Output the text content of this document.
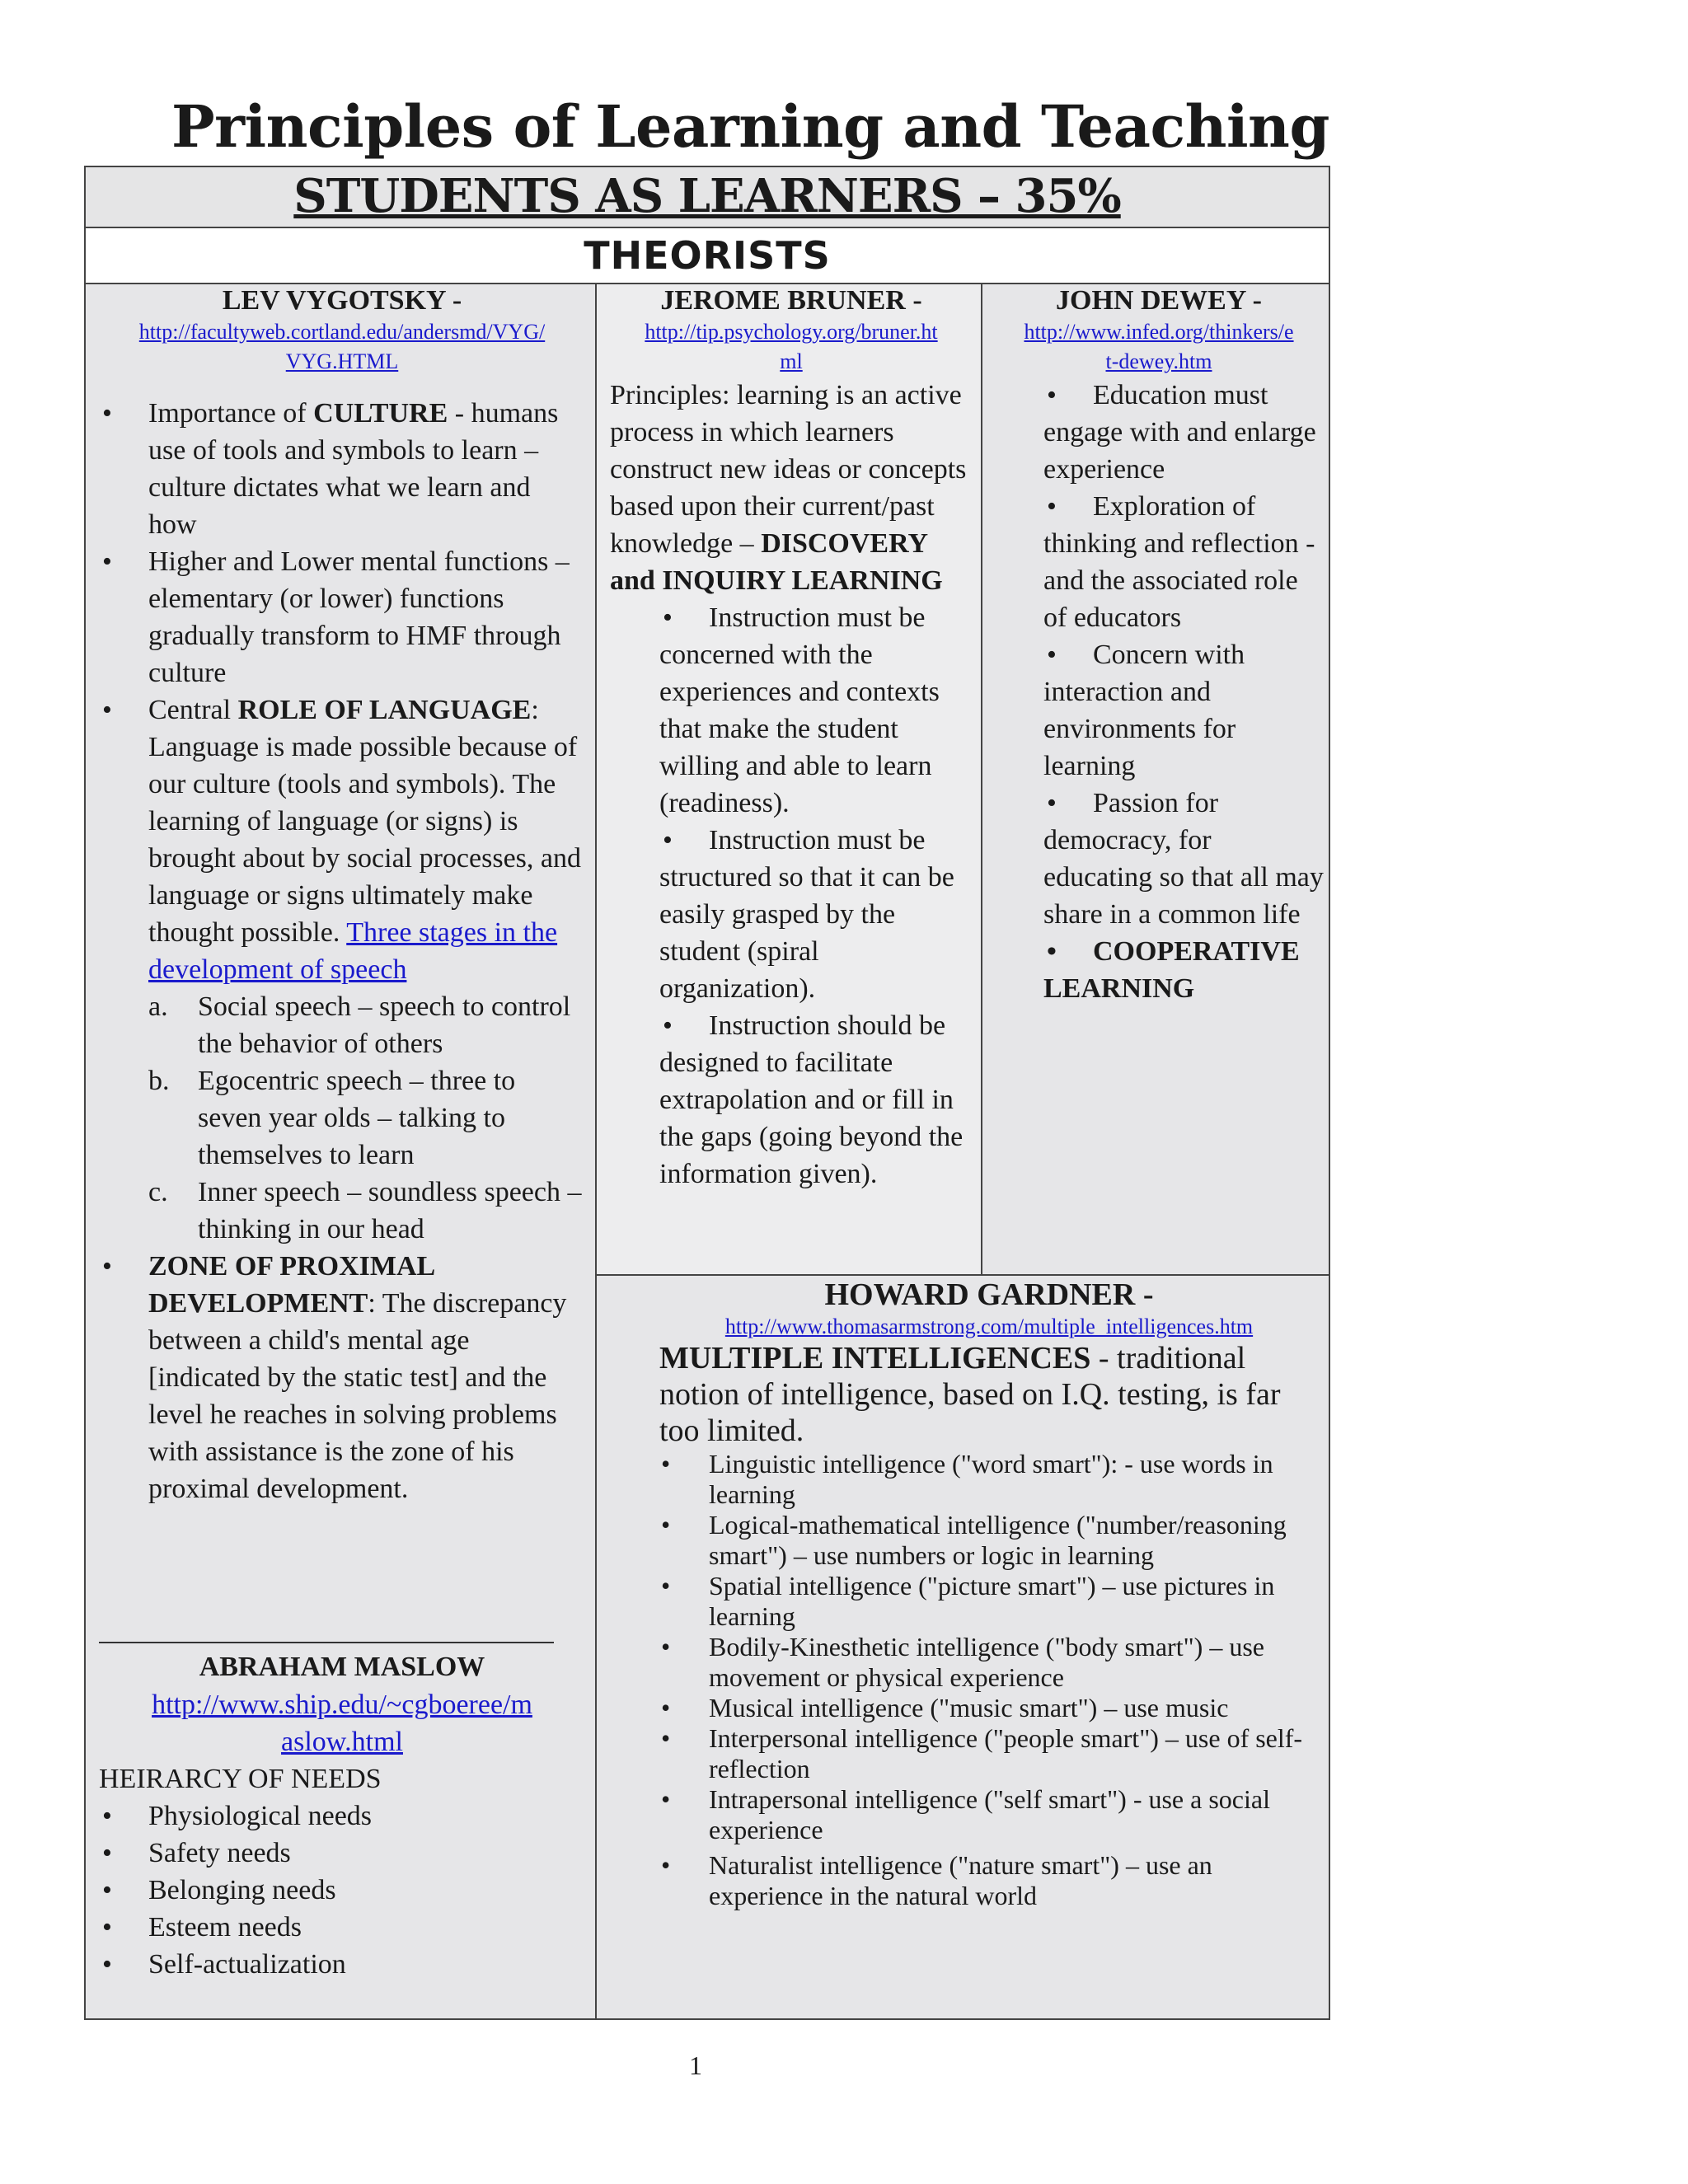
Principles of Learning and Teaching
STUDENTS AS LEARNERS – 35%
THEORISTS
LEV VYGOTSKY -
http://facultyweb.cortland.edu/andersmd/VYG/
VYG.HTML
• Importance of CULTURE - humans use of tools and symbols to learn – culture dictates what we learn and how
• Higher and Lower mental functions – elementary (or lower) functions gradually transform to HMF through culture
• Central ROLE OF LANGUAGE: Language is made possible because of our culture (tools and symbols). The learning of language (or signs) is brought about by social processes, and language or signs ultimately make thought possible. Three stages in the development of speech
a. Social speech – speech to control the behavior of others
b. Egocentric speech – three to seven year olds – talking to themselves to learn
c. Inner speech – soundless speech – thinking in our head
• ZONE OF PROXIMAL DEVELOPMENT: The discrepancy between a child's mental age [indicated by the static test] and the level he reaches in solving problems with assistance is the zone of his proximal development.
ABRAHAM MASLOW
http://www.ship.edu/~cgboeree/m
aslow.html
HEIRARCY OF NEEDS
• Physiological needs
• Safety needs
• Belonging needs
• Esteem needs
• Self-actualization
JEROME BRUNER -
http://tip.psychology.org/bruner.ht
ml
Principles: learning is an active process in which learners construct new ideas or concepts based upon their current/past knowledge – DISCOVERY and INQUIRY LEARNING
• Instruction must be concerned with the experiences and contexts that make the student willing and able to learn (readiness).
• Instruction must be structured so that it can be easily grasped by the student (spiral organization).
• Instruction should be designed to facilitate extrapolation and or fill in the gaps (going beyond the information given).
JOHN DEWEY -
http://www.infed.org/thinkers/e
t-dewey.htm
• Education must engage with and enlarge experience
• Exploration of thinking and reflection - and the associated role of educators
• Concern with interaction and environments for learning
• Passion for democracy, for educating so that all may share in a common life
• COOPERATIVE LEARNING
HOWARD GARDNER -
http://www.thomasarmstrong.com/multiple_intelligences.htm
MULTIPLE INTELLIGENCES - traditional notion of intelligence, based on I.Q. testing, is far too limited.
• Linguistic intelligence ("word smart"): - use words in learning
• Logical-mathematical intelligence ("number/reasoning smart") – use numbers or logic in learning
• Spatial intelligence ("picture smart") – use pictures in learning
• Bodily-Kinesthetic intelligence ("body smart") – use movement or physical experience
• Musical intelligence ("music smart") – use music
• Interpersonal intelligence ("people smart") – use of self-reflection
• Intrapersonal intelligence ("self smart") - use a social experience
• Naturalist intelligence ("nature smart") – use an experience in the natural world
1
